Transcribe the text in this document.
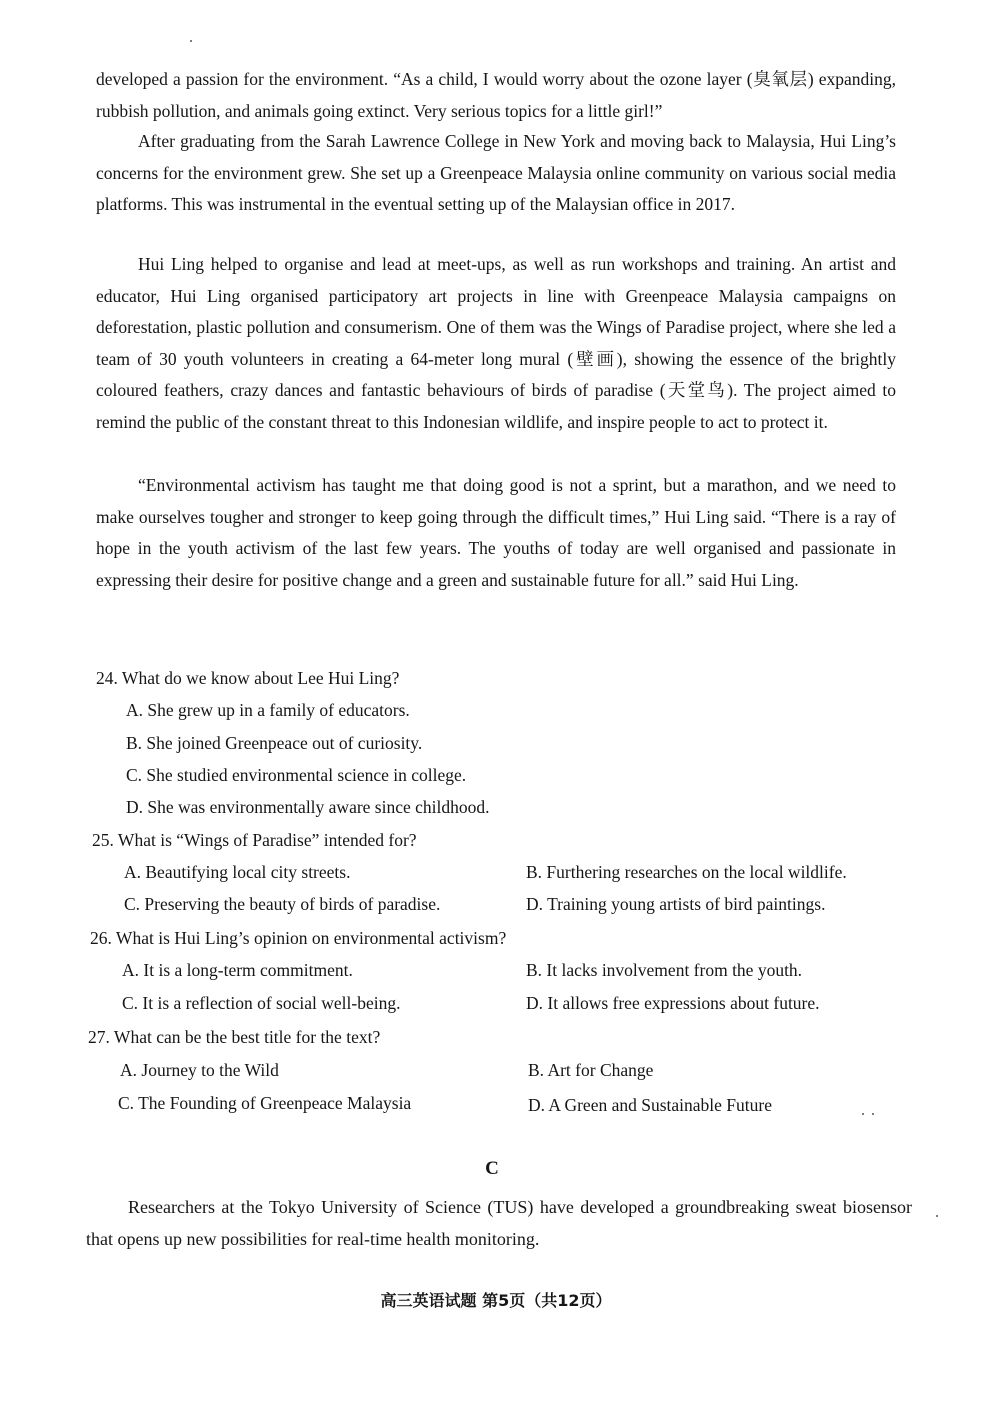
developed a passion for the environment. “As a child, I would worry about the ozone layer (臭氧层) expanding, rubbish pollution, and animals going extinct. Very serious topics for a little girl!”

After graduating from the Sarah Lawrence College in New York and moving back to Malaysia, Hui Ling’s concerns for the environment grew. She set up a Greenpeace Malaysia online community on various social media platforms. This was instrumental in the eventual setting up of the Malaysian office in 2017.

Hui Ling helped to organise and lead at meet-ups, as well as run workshops and training. An artist and educator, Hui Ling organised participatory art projects in line with Greenpeace Malaysia campaigns on deforestation, plastic pollution and consumerism. One of them was the Wings of Paradise project, where she led a team of 30 youth volunteers in creating a 64-meter long mural (壁画), showing the essence of the brightly coloured feathers, crazy dances and fantastic behaviours of birds of paradise (天堂鸟). The project aimed to remind the public of the constant threat to this Indonesian wildlife, and inspire people to act to protect it.

“Environmental activism has taught me that doing good is not a sprint, but a marathon, and we need to make ourselves tougher and stronger to keep going through the difficult times,” Hui Ling said. “There is a ray of hope in the youth activism of the last few years. The youths of today are well organised and passionate in expressing their desire for positive change and a green and sustainable future for all.” said Hui Ling.

24. What do we know about Lee Hui Ling?

A. She grew up in a family of educators.

B. She joined Greenpeace out of curiosity.

C. She studied environmental science in college.

D. She was environmentally aware since childhood.

25. What is “Wings of Paradise” intended for?

A. Beautifying local city streets.	B. Furthering researches on the local wildlife.

C. Preserving the beauty of birds of paradise.	D. Training young artists of bird paintings.

26. What is Hui Ling’s opinion on environmental activism?

A. It is a long-term commitment.	B. It lacks involvement from the youth.

C. It is a reflection of social well-being.	D. It allows free expressions about future.

27. What can be the best title for the text?

A. Journey to the Wild	B. Art for Change

C. The Founding of Greenpeace Malaysia	D. A Green and Sustainable Future

C

Researchers at the Tokyo University of Science (TUS) have developed a groundbreaking sweat biosensor that opens up new possibilities for real-time health monitoring.

高三英语试题 第5页（共12页）
